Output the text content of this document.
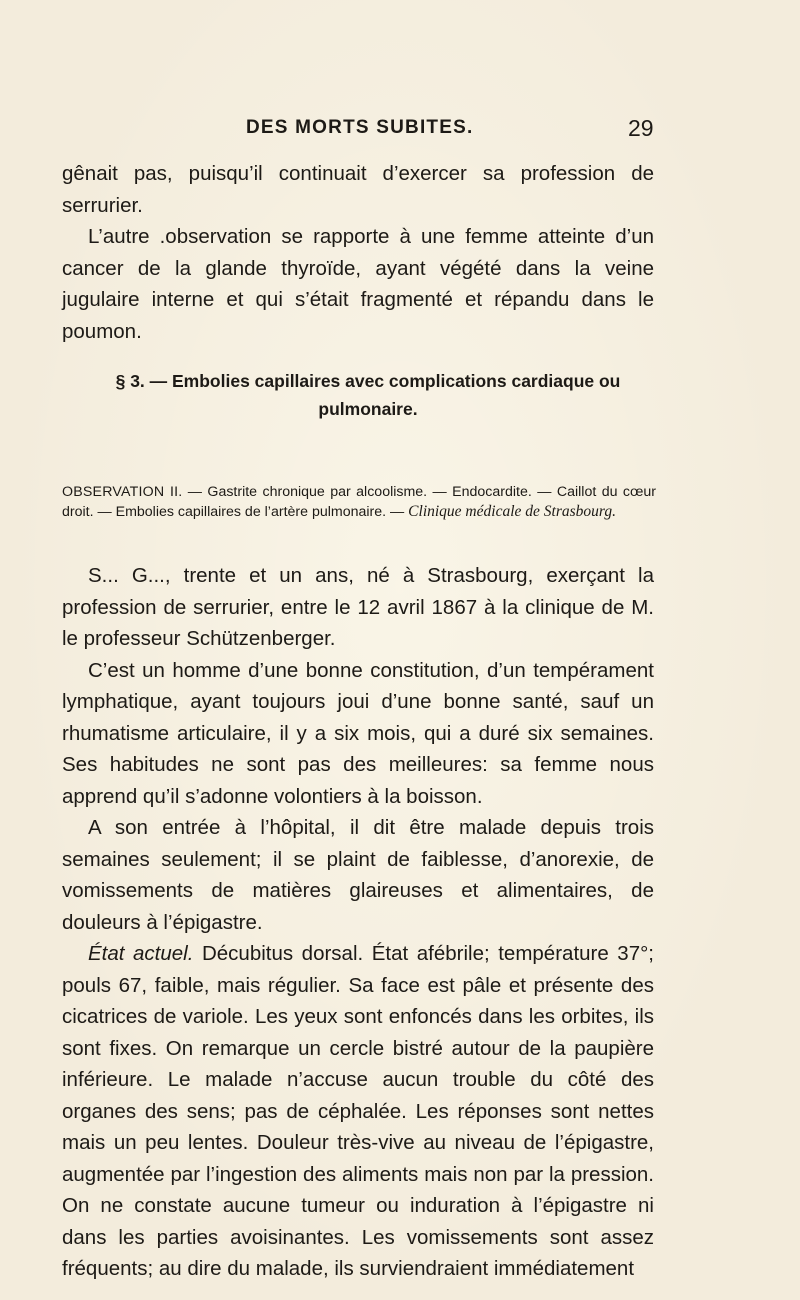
DES MORTS SUBITES.	29

gênait pas, puisqu’il continuait d’exercer sa profession de serrurier.

L’autre .observation se rapporte à une femme atteinte d’un cancer de la glande thyroïde, ayant végété dans la veine jugulaire interne et qui s’était fragmenté et répandu dans le poumon.

§ 3. — Embolies capillaires avec complications cardiaque ou pulmonaire.

OBSERVATION II. — Gastrite chronique par alcoolisme. — Endocardite. — Caillot du cœur droit. — Embolies capillaires de l’artère pulmonaire. — Clinique médicale de Strasbourg.

S... G..., trente et un ans, né à Strasbourg, exerçant la profession de serrurier, entre le 12 avril 1867 à la clinique de M. le professeur Schützenberger.

C’est un homme d’une bonne constitution, d’un tempérament lymphatique, ayant toujours joui d’une bonne santé, sauf un rhumatisme articulaire, il y a six mois, qui a duré six semaines. Ses habitudes ne sont pas des meilleures: sa femme nous apprend qu’il s’adonne volontiers à la boisson.

A son entrée à l’hôpital, il dit être malade depuis trois semaines seulement; il se plaint de faiblesse, d’anorexie, de vomissements de matières glaireuses et alimentaires, de douleurs à l’épigastre.

État actuel. Décubitus dorsal. État afébrile; température 37°; pouls 67, faible, mais régulier. Sa face est pâle et présente des cicatrices de variole. Les yeux sont enfoncés dans les orbites, ils sont fixes. On remarque un cercle bistré autour de la paupière inférieure. Le malade n’accuse aucun trouble du côté des organes des sens; pas de céphalée. Les réponses sont nettes mais un peu lentes. Douleur très-vive au niveau de l’épigastre, augmentée par l’ingestion des aliments mais non par la pression. On ne constate aucune tumeur ou induration à l’épigastre ni dans les parties avoisinantes. Les vomissements sont assez fréquents; au dire du malade, ils surviendraient immédiatement
